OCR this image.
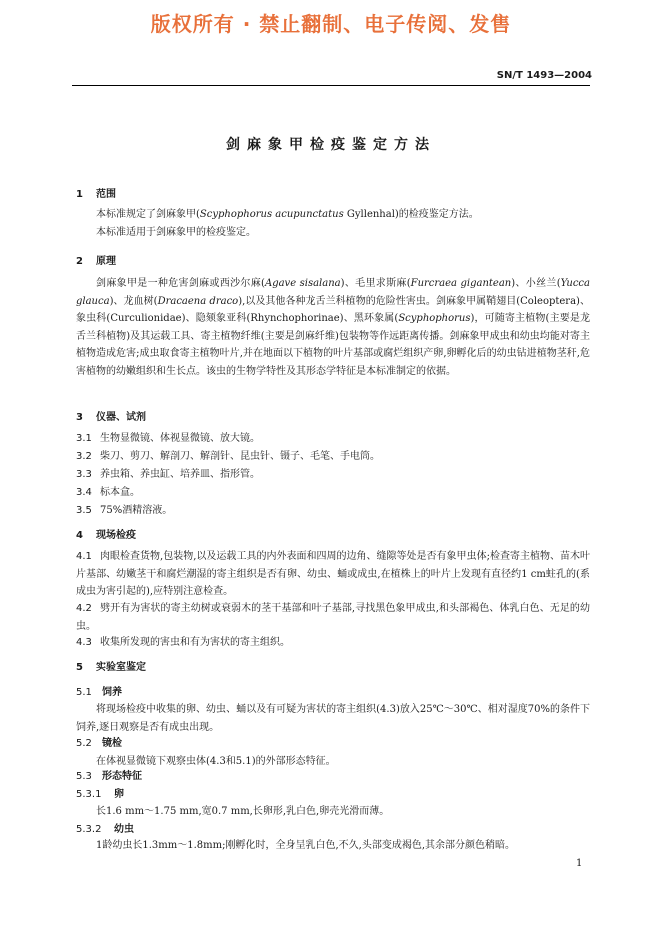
版权所有 · 禁止翻制、电子传阅、发售
SN/T 1493—2004
剑麻象甲检疫鉴定方法
1 范围
本标准规定了剑麻象甲(Scyphophorus acupunctatus Gyllenhal)的检疫鉴定方法。
本标准适用于剑麻象甲的检疫鉴定。
2 原理
剑麻象甲是一种危害剑麻或西沙尔麻(Agave sisalana)、毛里求斯麻(Furcraea gigantean)、小丝兰(Yucca glauca)、龙血树(Dracaena draco),以及其他各种龙舌兰科植物的危险性害虫。剑麻象甲属鞘翅目(Coleoptera)、象虫科(Curculionidae)、隐颏象亚科(Rhynchophorinae)、黑环象属(Scyphophorus)，可随寄主植物(主要是龙舌兰科植物)及其运载工具、寄主植物纤维(主要是剑麻纤维)包装物等作远距离传播。剑麻象甲成虫和幼虫均能对寄主植物造成危害;成虫取食寄主植物叶片,并在地面以下植物的叶片基部或腐烂组织产卵,卵孵化后的幼虫钻进植物茎秆,危害植物的幼嫩组织和生长点。该虫的生物学特性及其形态学特征是本标准制定的依据。
3 仪器、试剂
3.1 生物显微镜、体视显微镜、放大镜。
3.2 柴刀、剪刀、解剖刀、解剖针、昆虫针、镊子、毛笔、手电筒。
3.3 养虫箱、养虫缸、培养皿、指形管。
3.4 标本盒。
3.5 75%酒精溶液。
4 现场检疫
4.1 肉眼检查货物,包装物,以及运载工具的内外表面和四周的边角、缝隙等处是否有象甲虫体;检查寄主植物、苗木叶片基部、幼嫩茎干和腐烂潮湿的寄主组织是否有卵、幼虫、蛹或成虫,在植株上的叶片上发现有直径约1 cm蛀孔的(系成虫为害引起的),应特别注意检查。
4.2 劈开有为害状的寄主幼树或衰弱木的茎干基部和叶子基部,寻找黑色象甲成虫,和头部褐色、体乳白色、无足的幼虫。
4.3 收集所发现的害虫和有为害状的寄主组织。
5 实验室鉴定
5.1 饲养
将现场检疫中收集的卵、幼虫、蛹以及有可疑为害状的寄主组织(4.3)放入25℃～30℃、相对湿度70%的条件下饲养,逐日观察是否有成虫出现。
5.2 镜检
在体视显微镜下观察虫体(4.3和5.1)的外部形态特征。
5.3 形态特征
5.3.1 卵
长1.6 mm～1.75 mm,宽0.7 mm,长卵形,乳白色,卵壳光滑而薄。
5.3.2 幼虫
1龄幼虫长1.3mm～1.8mm;刚孵化时，全身呈乳白色,不久,头部变成褐色,其余部分颜色稍暗。
1
